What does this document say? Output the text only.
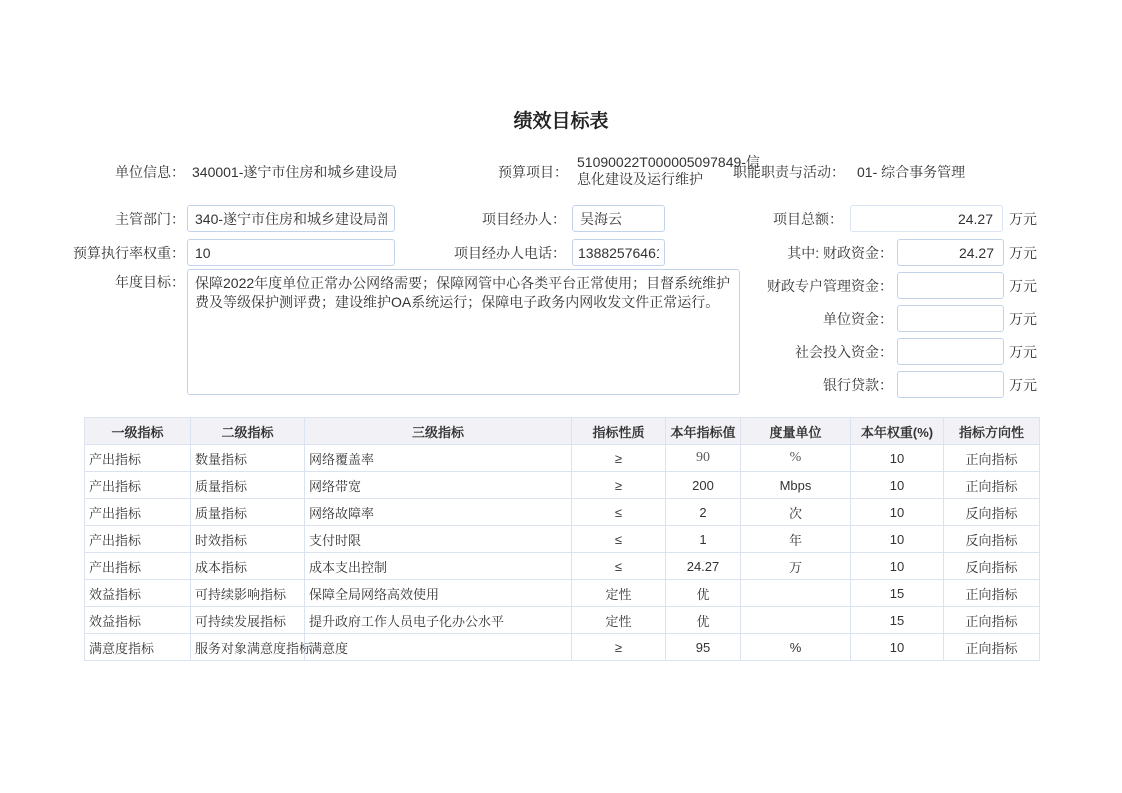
绩效目标表
单位信息： 340001-遂宁市住房和城乡建设局	预算项目：
51090022T000005097849-信息化建设及运行维护	职能职责与活动： 01- 综合事务管理
主管部门：
340-遂宁市住房和城乡建设局部门	项目经办人：
吴海云
预算执行率权重：
10	项目经办人电话：
13882576461
年度目标：
保障2022年度单位正常办公网络需要；保障网管中心各类平台正常使用；目督系统维护费及等级保护测评费；建设维护OA系统运行；保障电子政务内网收发文件正常运行。
项目总额：
24.27	万元
其中: 财政资金：
24.27	万元
财政专户管理资金：	万元
单位资金：	万元
社会投入资金：	万元
银行贷款：	万元
一级指标	二级指标	三级指标	指标性质	本年指标值	度量单位	本年权重(%)	指标方向性
产出指标	数量指标	网络覆盖率	≥	90	%	10	正向指标
产出指标	质量指标	网络带宽	≥	200	Mbps	10	正向指标
产出指标	质量指标	网络故障率	≤	2	次	10	反向指标
产出指标	时效指标	支付时限	≤	1	年	10	反向指标
产出指标	成本指标	成本支出控制	≤	24.27	万	10	反向指标
效益指标	可持续影响指标	保障全局网络高效使用	定性	优		15	正向指标
效益指标	可持续发展指标	提升政府工作人员电子化办公水平	定性	优		15	正向指标
满意度指标	服务对象满意度指标	满意度	≥	95	%	10	正向指标
